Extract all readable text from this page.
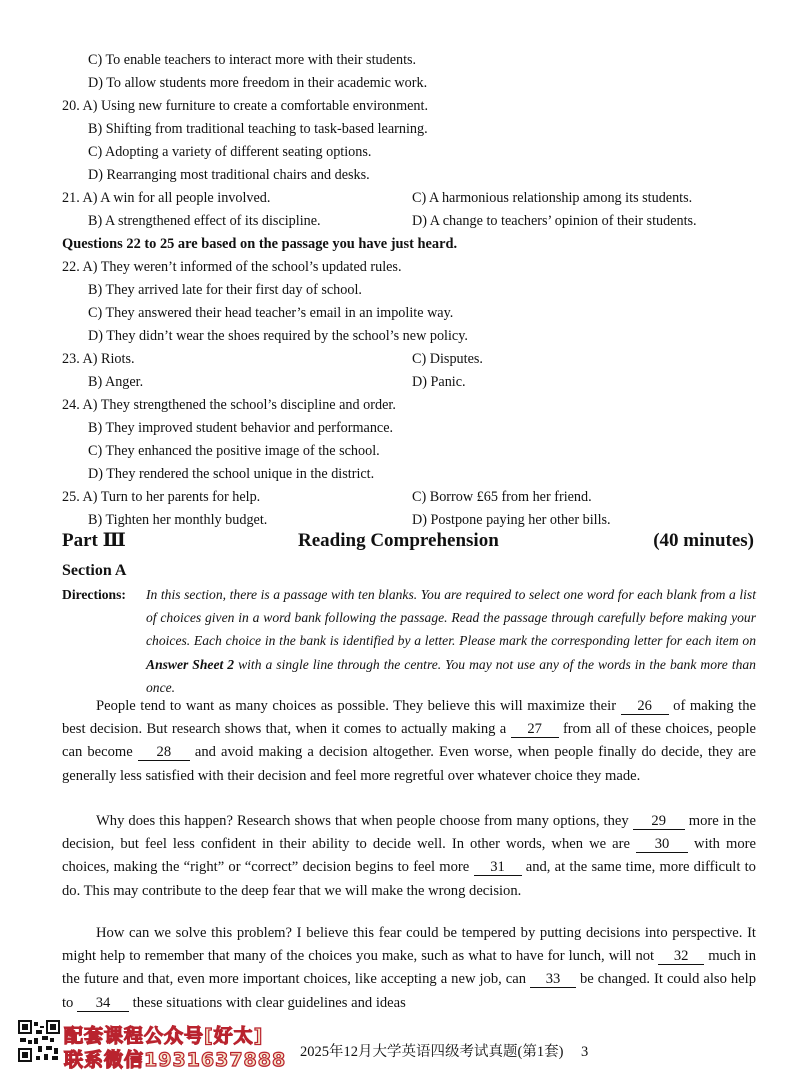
C) To enable teachers to interact more with their students.
D) To allow students more freedom in their academic work.
20. A) Using new furniture to create a comfortable environment.
B) Shifting from traditional teaching to task-based learning.
C) Adopting a variety of different seating options.
D) Rearranging most traditional chairs and desks.
21. A) A win for all people involved.	C) A harmonious relationship among its students.
B) A strengthened effect of its discipline.	D) A change to teachers’ opinion of their students.
Questions 22 to 25 are based on the passage you have just heard.
22. A) They weren’t informed of the school’s updated rules.
B) They arrived late for their first day of school.
C) They answered their head teacher’s email in an impolite way.
D) They didn’t wear the shoes required by the school’s new policy.
23. A) Riots.	C) Disputes.
B) Anger.	D) Panic.
24. A) They strengthened the school’s discipline and order.
B) They improved student behavior and performance.
C) They enhanced the positive image of the school.
D) They rendered the school unique in the district.
25. A) Turn to her parents for help.	C) Borrow £65 from her friend.
B) Tighten her monthly budget.	D) Postpone paying her other bills.
Part Ⅲ	Reading Comprehension	(40 minutes)
Section A
Directions: In this section, there is a passage with ten blanks. You are required to select one word for each blank from a list of choices given in a word bank following the passage. Read the passage through carefully before making your choices. Each choice in the bank is identified by a letter. Please mark the corresponding letter for each item on Answer Sheet 2 with a single line through the centre. You may not use any of the words in the bank more than once.
People tend to want as many choices as possible. They believe this will maximize their 26 of making the best decision. But research shows that, when it comes to actually making a 27 from all of these choices, people can become 28 and avoid making a decision altogether. Even worse, when people finally do decide, they are generally less satisfied with their decision and feel more regretful over whatever choice they made.
Why does this happen? Research shows that when people choose from many options, they 29 more in the decision, but feel less confident in their ability to decide well. In other words, when we are 30 with more choices, making the “right” or “correct” decision begins to feel more 31 and, at the same time, more difficult to do. This may contribute to the deep fear that we will make the wrong decision.
How can we solve this problem? I believe this fear could be tempered by putting decisions into perspective. It might help to remember that many of the choices you make, such as what to have for lunch, will not 32 much in the future and that, even more important choices, like accepting a new job, can 33 be changed. It could also help to 34 these situations with clear guidelines and ideas
配套课程公众号[好太]
联系微信1931637888 2025年12月大学英语四级考试真题(第1套) 3
